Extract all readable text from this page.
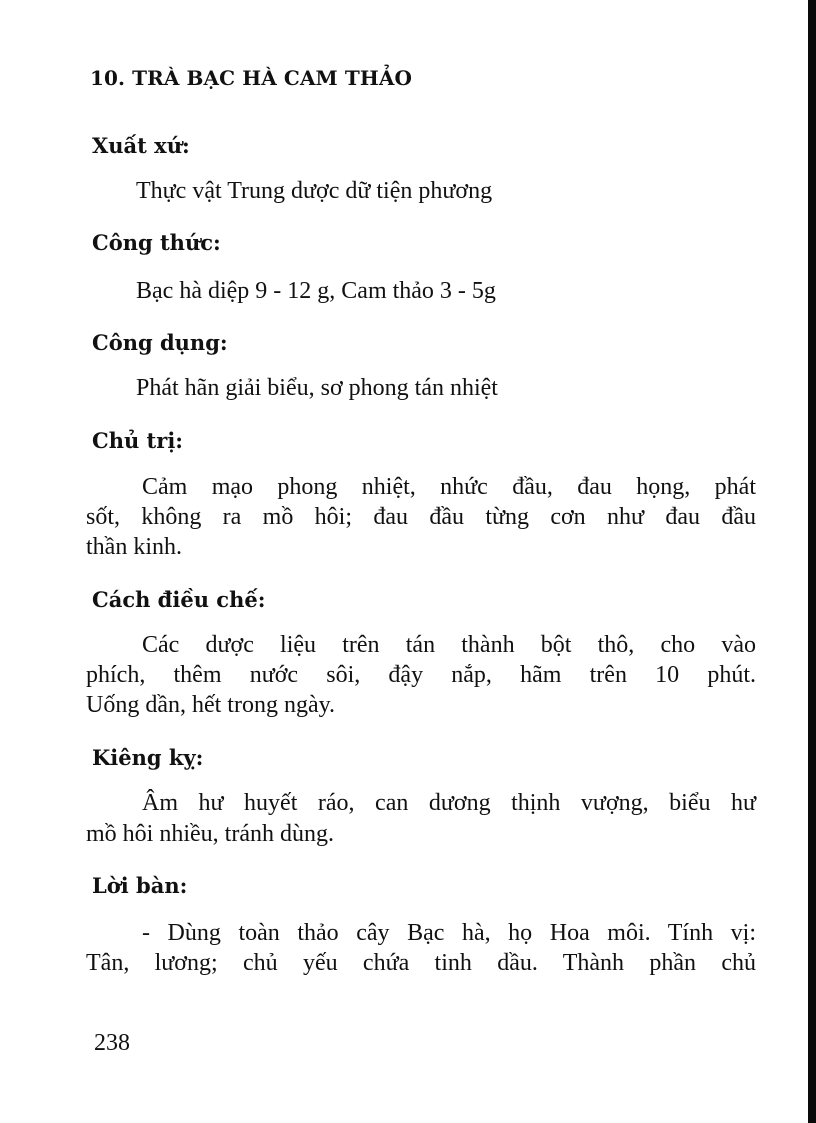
10. TRÀ BẠC HÀ CAM THẢO
Xuất xứ:
Thực vật Trung dược dữ tiện phương
Công thức:
Bạc hà diệp 9 - 12 g, Cam thảo 3 - 5g
Công dụng:
Phát hãn giải biểu, sơ phong tán nhiệt
Chủ trị:
Cảm mạo phong nhiệt, nhức đầu, đau họng, phát
sốt, không ra mồ hôi; đau đầu từng cơn như đau đầu
thần kinh.
Cách điều chế:
Các dược liệu trên tán thành bột thô, cho vào
phích, thêm nước sôi, đậy nắp, hãm trên 10 phút.
Uống dần, hết trong ngày.
Kiêng kỵ:
Âm hư huyết ráo, can dương thịnh vượng, biểu hư
mồ hôi nhiều, tránh dùng.
Lời bàn:
- Dùng toàn thảo cây Bạc hà, họ Hoa môi. Tính vị:
Tân, lương; chủ yếu chứa tinh dầu. Thành phần chủ
238
